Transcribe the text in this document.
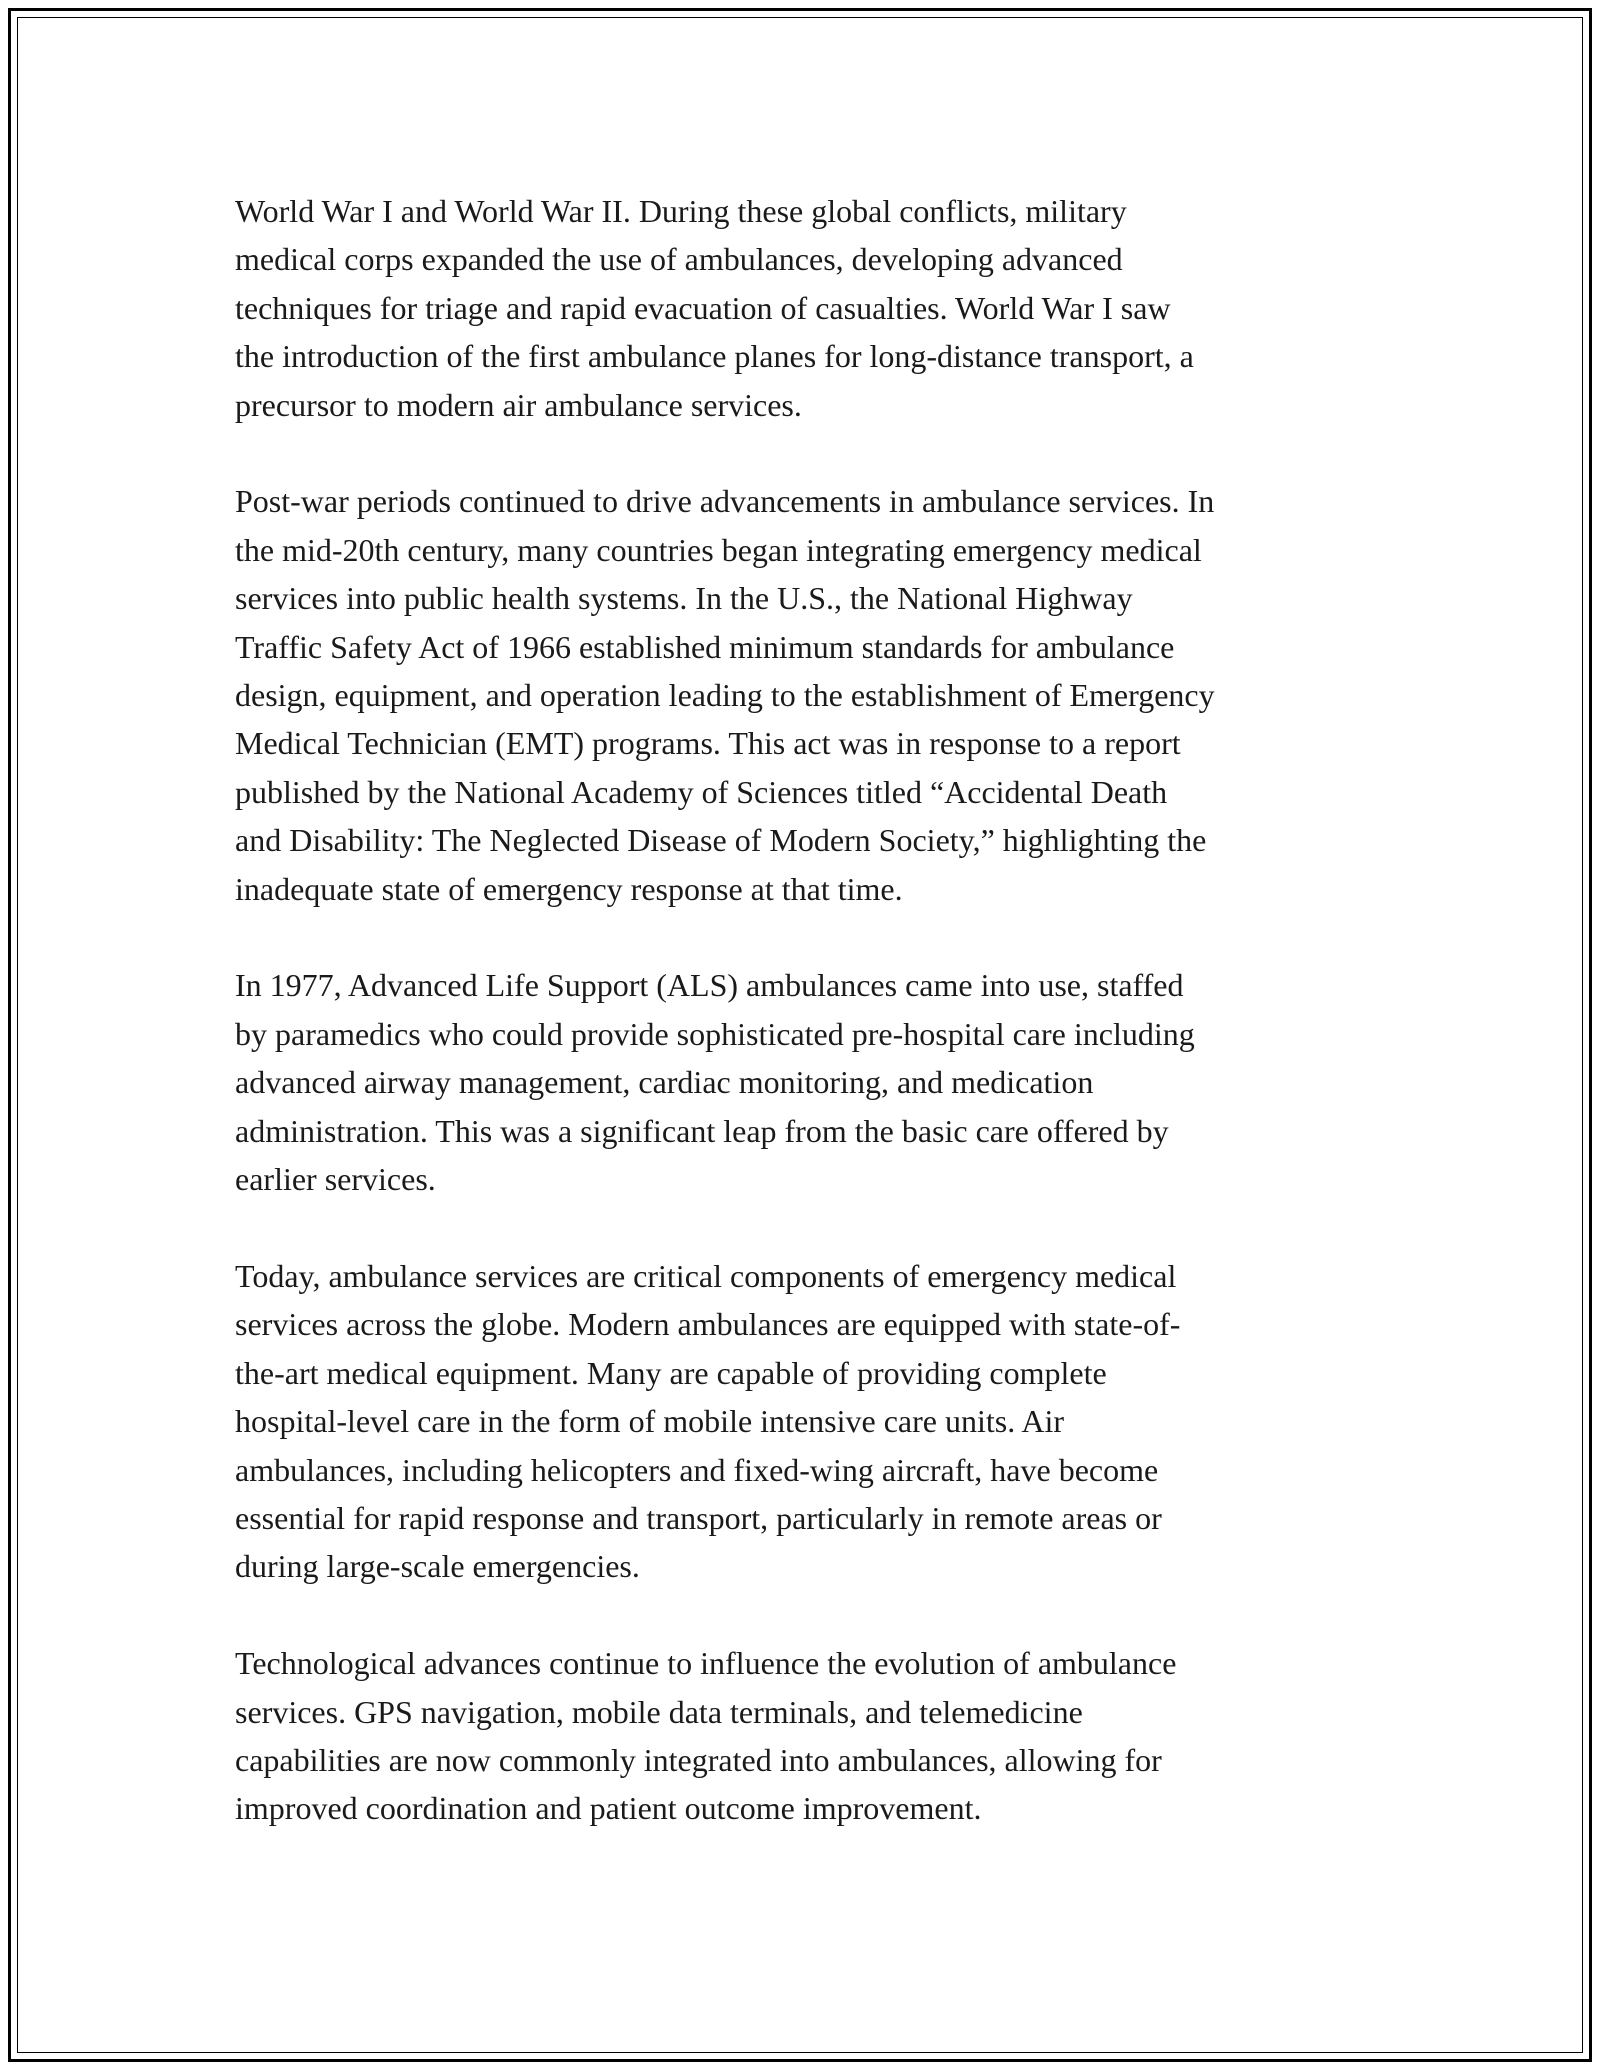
World War I and World War II. During these global conflicts, military
medical corps expanded the use of ambulances, developing advanced
techniques for triage and rapid evacuation of casualties. World War I saw
the introduction of the first ambulance planes for long-distance transport, a
precursor to modern air ambulance services.

Post-war periods continued to drive advancements in ambulance services. In
the mid-20th century, many countries began integrating emergency medical
services into public health systems. In the U.S., the National Highway
Traffic Safety Act of 1966 established minimum standards for ambulance
design, equipment, and operation leading to the establishment of Emergency
Medical Technician (EMT) programs. This act was in response to a report
published by the National Academy of Sciences titled “Accidental Death
and Disability: The Neglected Disease of Modern Society,” highlighting the
inadequate state of emergency response at that time.

In 1977, Advanced Life Support (ALS) ambulances came into use, staffed
by paramedics who could provide sophisticated pre-hospital care including
advanced airway management, cardiac monitoring, and medication
administration. This was a significant leap from the basic care offered by
earlier services.

Today, ambulance services are critical components of emergency medical
services across the globe. Modern ambulances are equipped with state-of-
the-art medical equipment. Many are capable of providing complete
hospital-level care in the form of mobile intensive care units. Air
ambulances, including helicopters and fixed-wing aircraft, have become
essential for rapid response and transport, particularly in remote areas or
during large-scale emergencies.

Technological advances continue to influence the evolution of ambulance
services. GPS navigation, mobile data terminals, and telemedicine
capabilities are now commonly integrated into ambulances, allowing for
improved coordination and patient outcome improvement.
